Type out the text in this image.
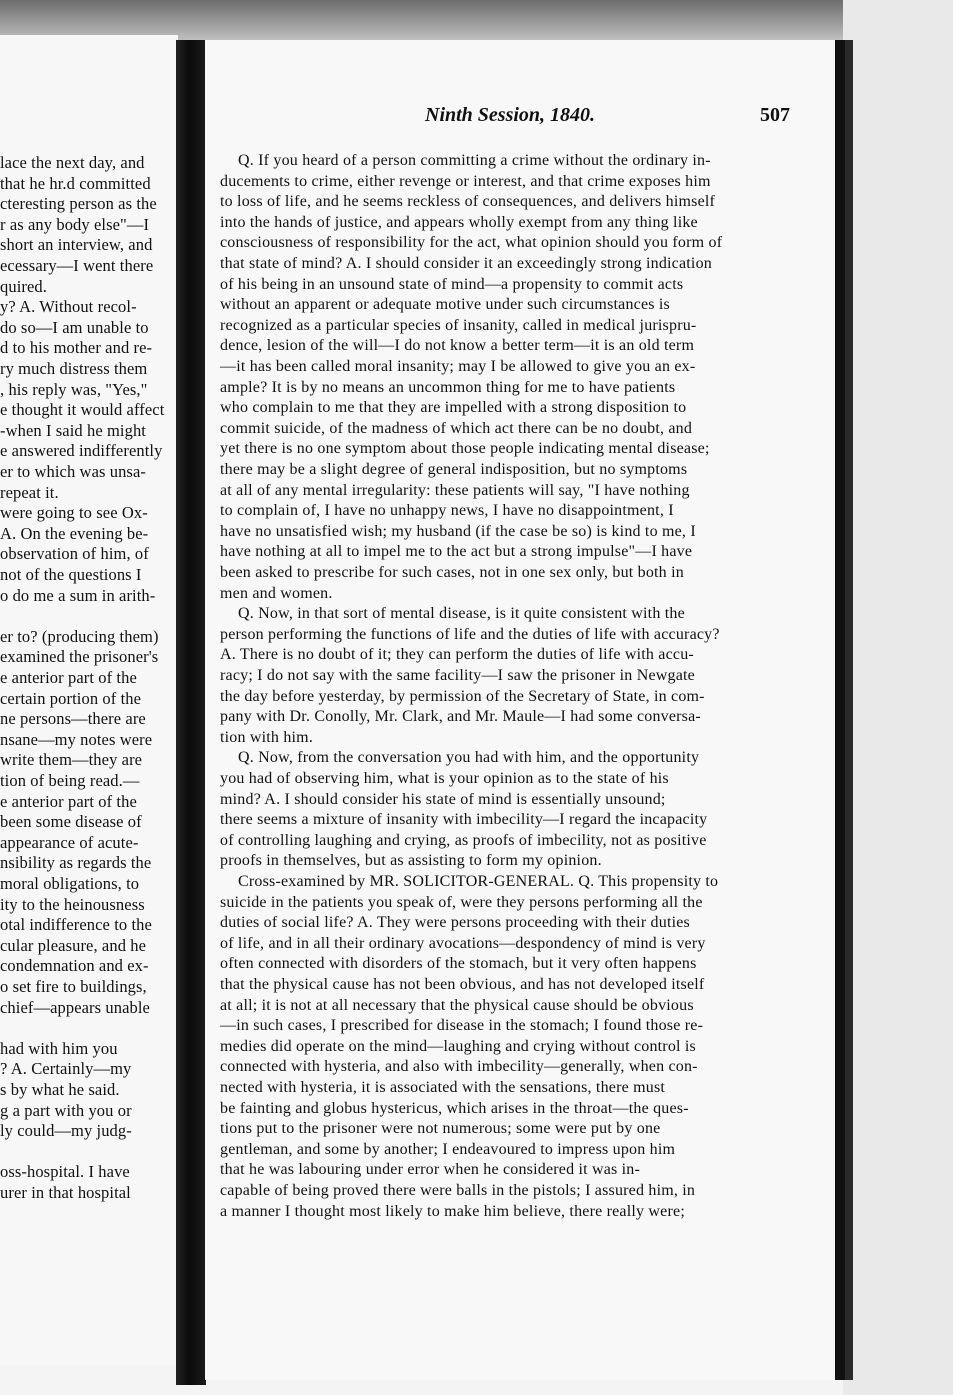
lace the next day, and
that he hr.d committed
cteresting person as the
r as any body else"—I
short an interview, and
ecessary—I went there
quired.
y? A. Without recol-
do so—I am unable to
d to his mother and re-
ry much distress them
, his reply was, "Yes,"
e thought it would affect
-when I said he might
e answered indifferently
er to which was unsa-
repeat it.
were going to see Ox-
A. On the evening be-
observation of him, of
not of the questions I
o do me a sum in arith-
er to? (producing them)
examined the prisoner's
e anterior part of the
certain portion of the
ne persons—there are
nsane—my notes were
write them—they are
tion of being read.—
e anterior part of the
been some disease of
appearance of acute-
nsibility as regards the
moral obligations, to
ity to the heinousness
otal indifference to the
cular pleasure, and he
condemnation and ex-
o set fire to buildings,
chief—appears unable
had with him you
? A. Certainly—my
s by what he said.
g a part with you or
ly could—my judg-
oss-hospital. I have
urer in that hospital
Ninth Session, 1840.	507
Q. If you heard of a person committing a crime without the ordinary in-
ducements to crime, either revenge or interest, and that crime exposes him
to loss of life, and he seems reckless of consequences, and delivers himself
into the hands of justice, and appears wholly exempt from any thing like
consciousness of responsibility for the act, what opinion should you form of
that state of mind? A. I should consider it an exceedingly strong indication
of his being in an unsound state of mind—a propensity to commit acts
without an apparent or adequate motive under such circumstances is
recognized as a particular species of insanity, called in medical jurispru-
dence, lesion of the will—I do not know a better term—it is an old term
—it has been called moral insanity; may I be allowed to give you an ex-
ample? It is by no means an uncommon thing for me to have patients
who complain to me that they are impelled with a strong disposition to
commit suicide, of the madness of which act there can be no doubt, and
yet there is no one symptom about those people indicating mental disease;
there may be a slight degree of general indisposition, but no symptoms
at all of any mental irregularity: these patients will say, "I have nothing
to complain of, I have no unhappy news, I have no disappointment, I
have no unsatisfied wish; my husband (if the case be so) is kind to me, I
have nothing at all to impel me to the act but a strong impulse"—I have
been asked to prescribe for such cases, not in one sex only, but both in
men and women.
Q. Now, in that sort of mental disease, is it quite consistent with the
person performing the functions of life and the duties of life with accuracy?
A. There is no doubt of it; they can perform the duties of life with accu-
racy; I do not say with the same facility—I saw the prisoner in Newgate
the day before yesterday, by permission of the Secretary of State, in com-
pany with Dr. Conolly, Mr. Clark, and Mr. Maule—I had some conversa-
tion with him.
Q. Now, from the conversation you had with him, and the opportunity
you had of observing him, what is your opinion as to the state of his
mind? A. I should consider his state of mind is essentially unsound;
there seems a mixture of insanity with imbecility—I regard the incapacity
of controlling laughing and crying, as proofs of imbecility, not as positive
proofs in themselves, but as assisting to form my opinion.
Cross-examined by MR. SOLICITOR-GENERAL. Q. This propensity to
suicide in the patients you speak of, were they persons performing all the
duties of social life? A. They were persons proceeding with their duties
of life, and in all their ordinary avocations—despondency of mind is very
often connected with disorders of the stomach, but it very often happens
that the physical cause has not been obvious, and has not developed itself
at all; it is not at all necessary that the physical cause should be obvious
—in such cases, I prescribed for disease in the stomach; I found those re-
medies did operate on the mind—laughing and crying without control is
connected with hysteria, and also with imbecility—generally, when con-
nected with hysteria, it is associated with the sensations, there must
be fainting and globus hystericus, which arises in the throat—the ques-
tions put to the prisoner were not numerous; some were put by one
gentleman, and some by another; I endeavoured to impress upon him
that he was labouring under error when he considered it was in-
capable of being proved there were balls in the pistols; I assured him, in
a manner I thought most likely to make him believe, there really were;
